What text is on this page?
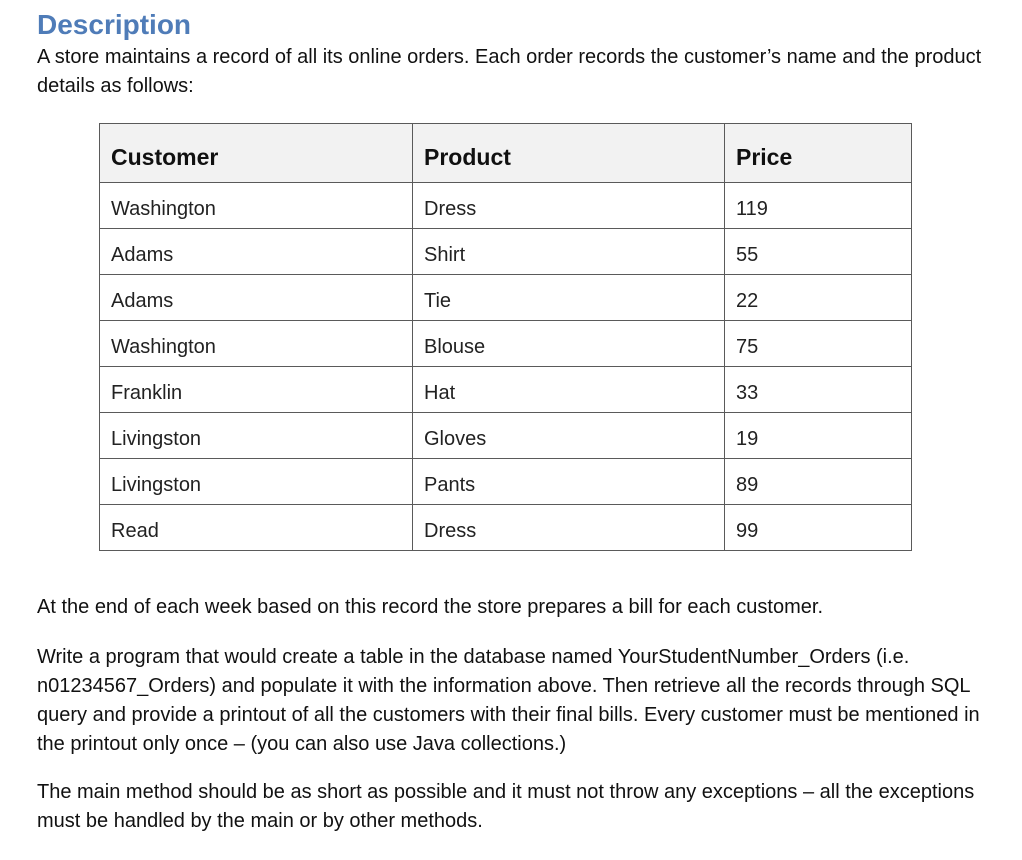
Description

A store maintains a record of all its online orders. Each order records the customer’s name and the product details as follows:

Customer	Product	Price
Washington	Dress	119
Adams	Shirt	55
Adams	Tie	22
Washington	Blouse	75
Franklin	Hat	33
Livingston	Gloves	19
Livingston	Pants	89
Read	Dress	99

At the end of each week based on this record the store prepares a bill for each customer.

Write a program that would create a table in the database named YourStudentNumber_Orders (i.e. n01234567_Orders) and populate it with the information above. Then retrieve all the records through SQL query and provide a printout of all the customers with their final bills. Every customer must be mentioned in the printout only once – (you can also use Java collections.)

The main method should be as short as possible and it must not throw any exceptions – all the exceptions must be handled by the main or by other methods.
